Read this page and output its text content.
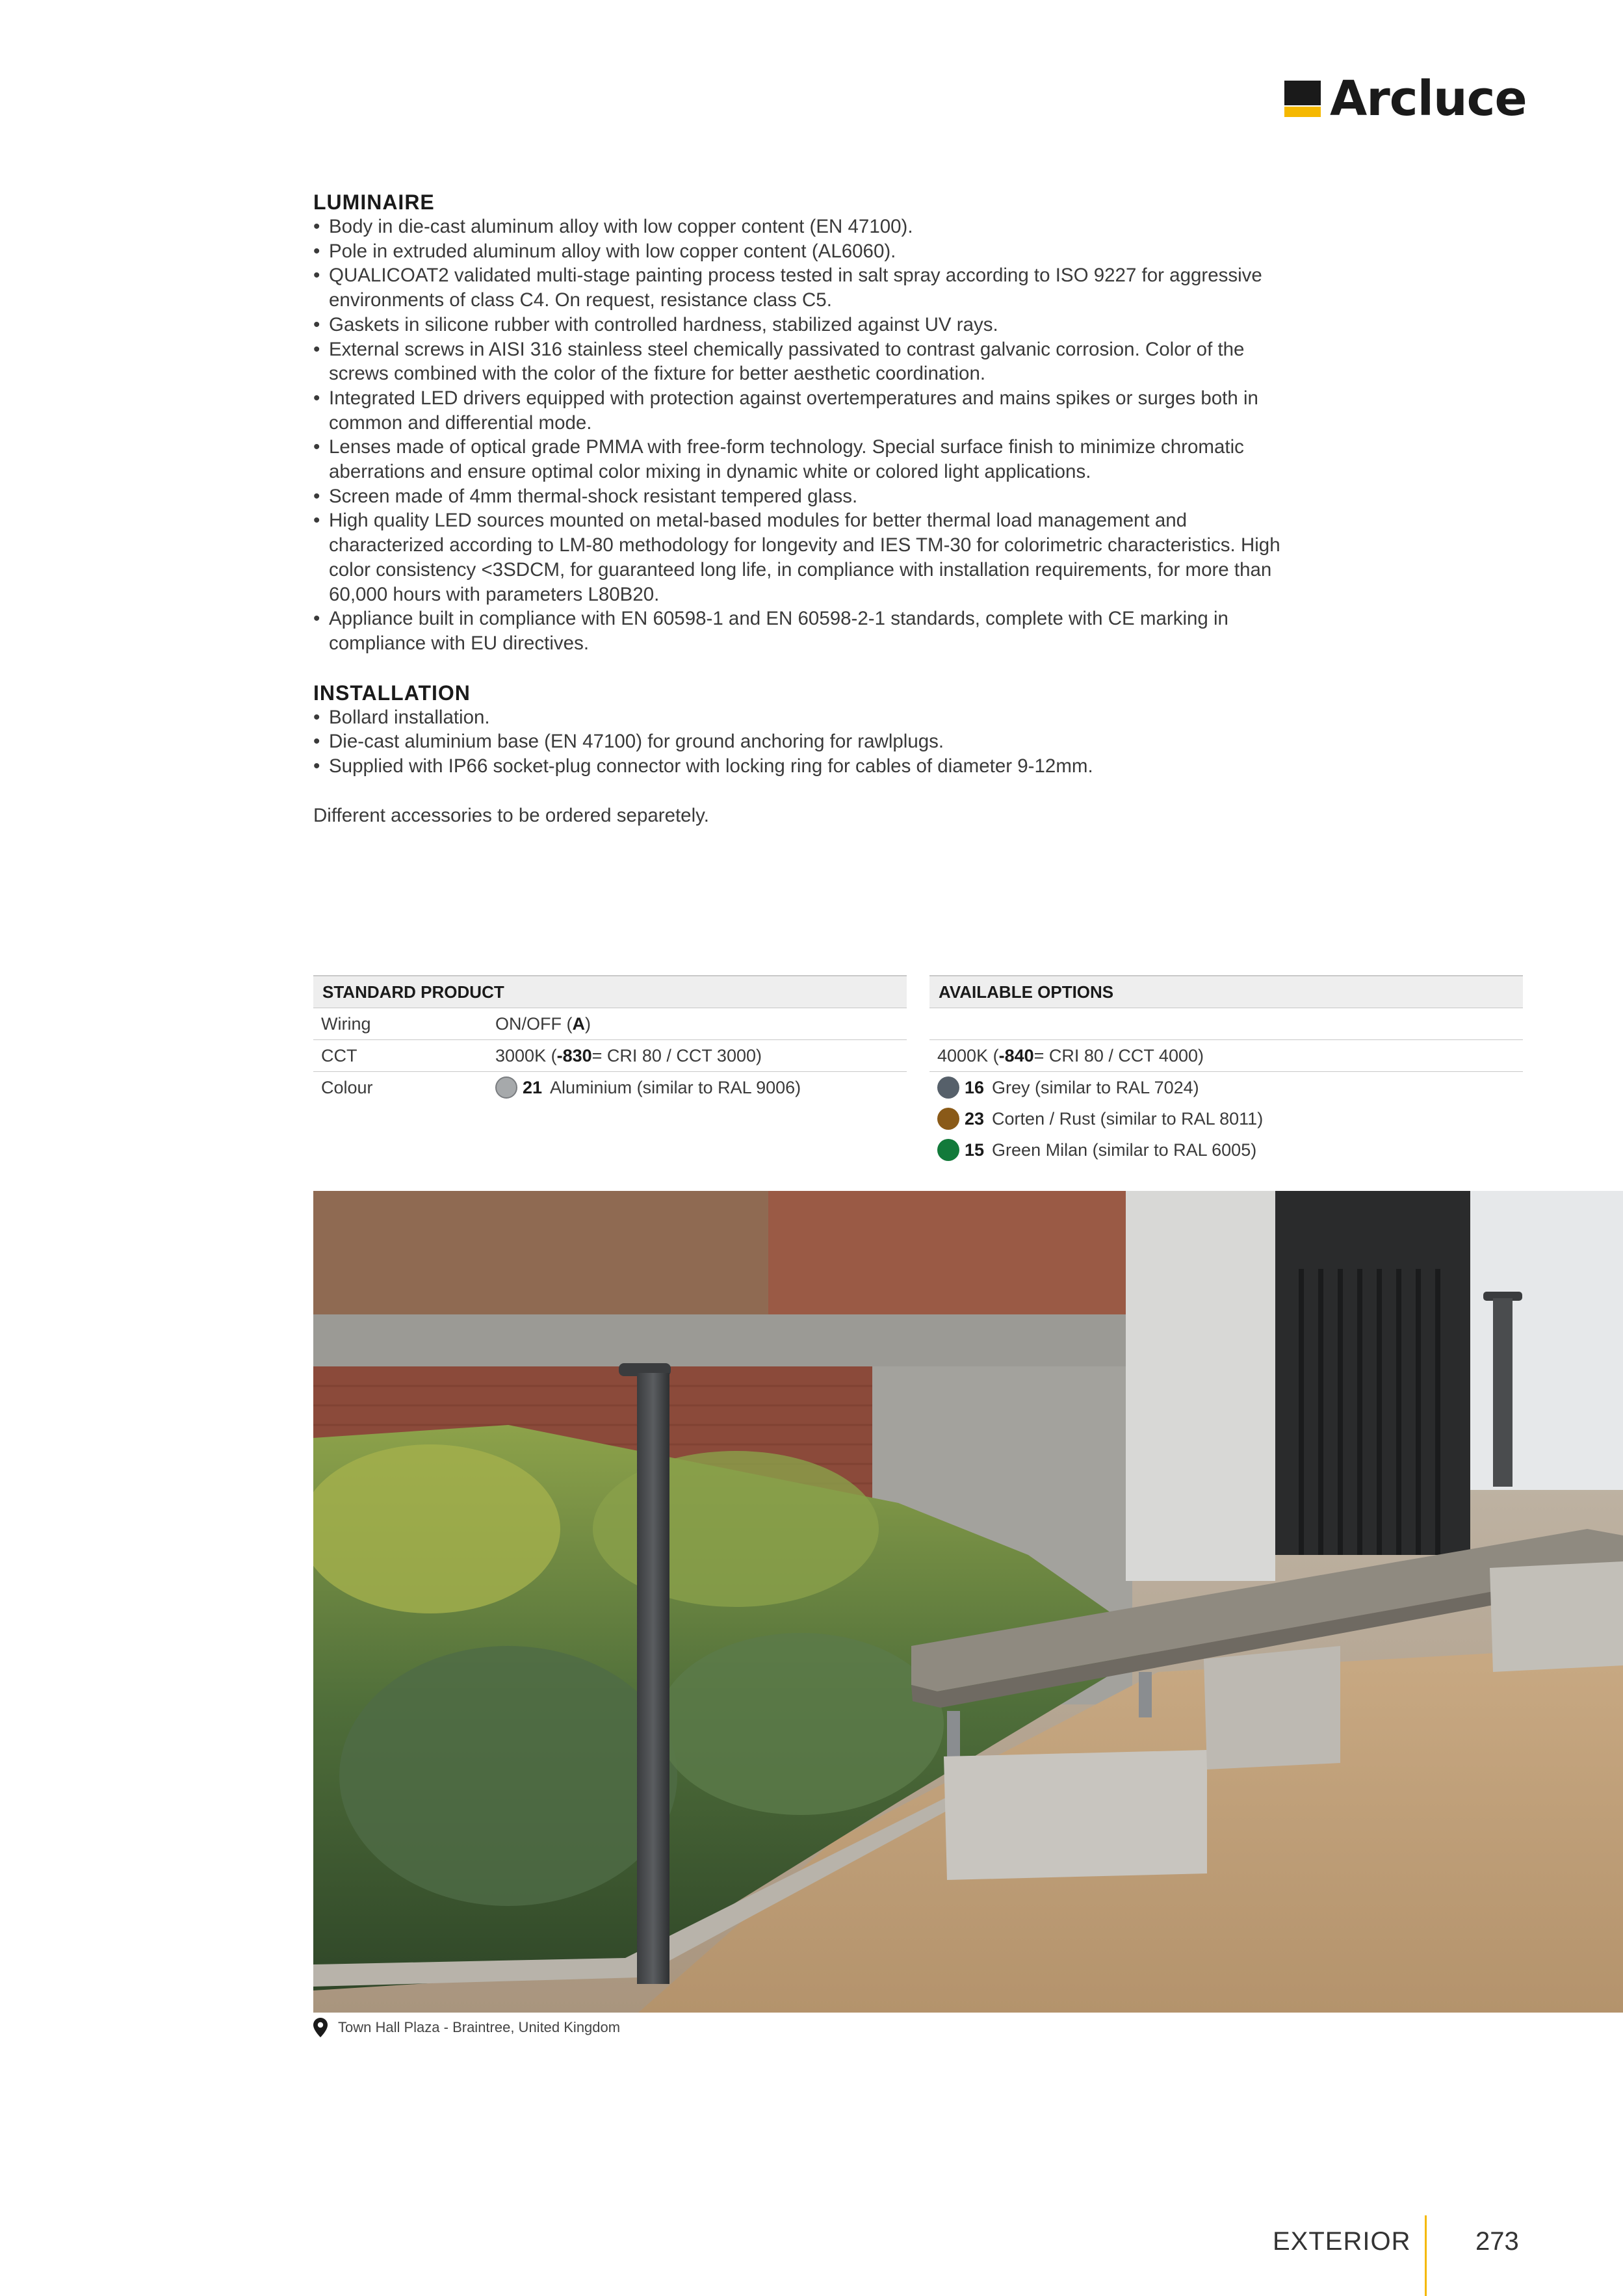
Arcluce
LUMINAIRE
• Body in die-cast aluminum alloy with low copper content (EN 47100).
• Pole in extruded aluminum alloy with low copper content (AL6060).
• QUALICOAT2 validated multi-stage painting process tested in salt spray according to ISO 9227 for aggressive environments of class C4. On request, resistance class C5.
• Gaskets in silicone rubber with controlled hardness, stabilized against UV rays.
• External screws in AISI 316 stainless steel chemically passivated to contrast galvanic corrosion. Color of the screws combined with the color of the fixture for better aesthetic coordination.
• Integrated LED drivers equipped with protection against overtemperatures and mains spikes or surges both in common and differential mode.
• Lenses made of optical grade PMMA with free-form technology. Special surface finish to minimize chromatic aberrations and ensure optimal color mixing in dynamic white or colored light applications.
• Screen made of 4mm thermal-shock resistant tempered glass.
• High quality LED sources mounted on metal-based modules for better thermal load management and characterized according to LM-80 methodology for longevity and IES TM-30 for colorimetric characteristics. High color consistency <3SDCM, for guaranteed long life, in compliance with installation requirements, for more than 60,000 hours with parameters L80B20.
• Appliance built in compliance with EN 60598-1 and EN 60598-2-1 standards, complete with CE marking in compliance with EU directives.
INSTALLATION
• Bollard installation.
• Die-cast aluminium base (EN 47100) for ground anchoring for rawlplugs.
• Supplied with IP66 socket-plug connector with locking ring for cables of diameter 9-12mm.

Different accessories to be ordered separetely.

STANDARD PRODUCT
Wiring	ON/OFF ( A )
CCT	3000K ( -830 = CRI 80 / CCT 3000)
Colour	21 Aluminium (similar to RAL 9006)
AVAILABLE OPTIONS
4000K ( -840 = CRI 80 / CCT 4000)
16 Grey (similar to RAL 7024)
23 Corten / Rust (similar to RAL 8011)
15 Green Milan (similar to RAL 6005)
Town Hall Plaza - Braintree, United Kingdom
EXTERIOR 273
